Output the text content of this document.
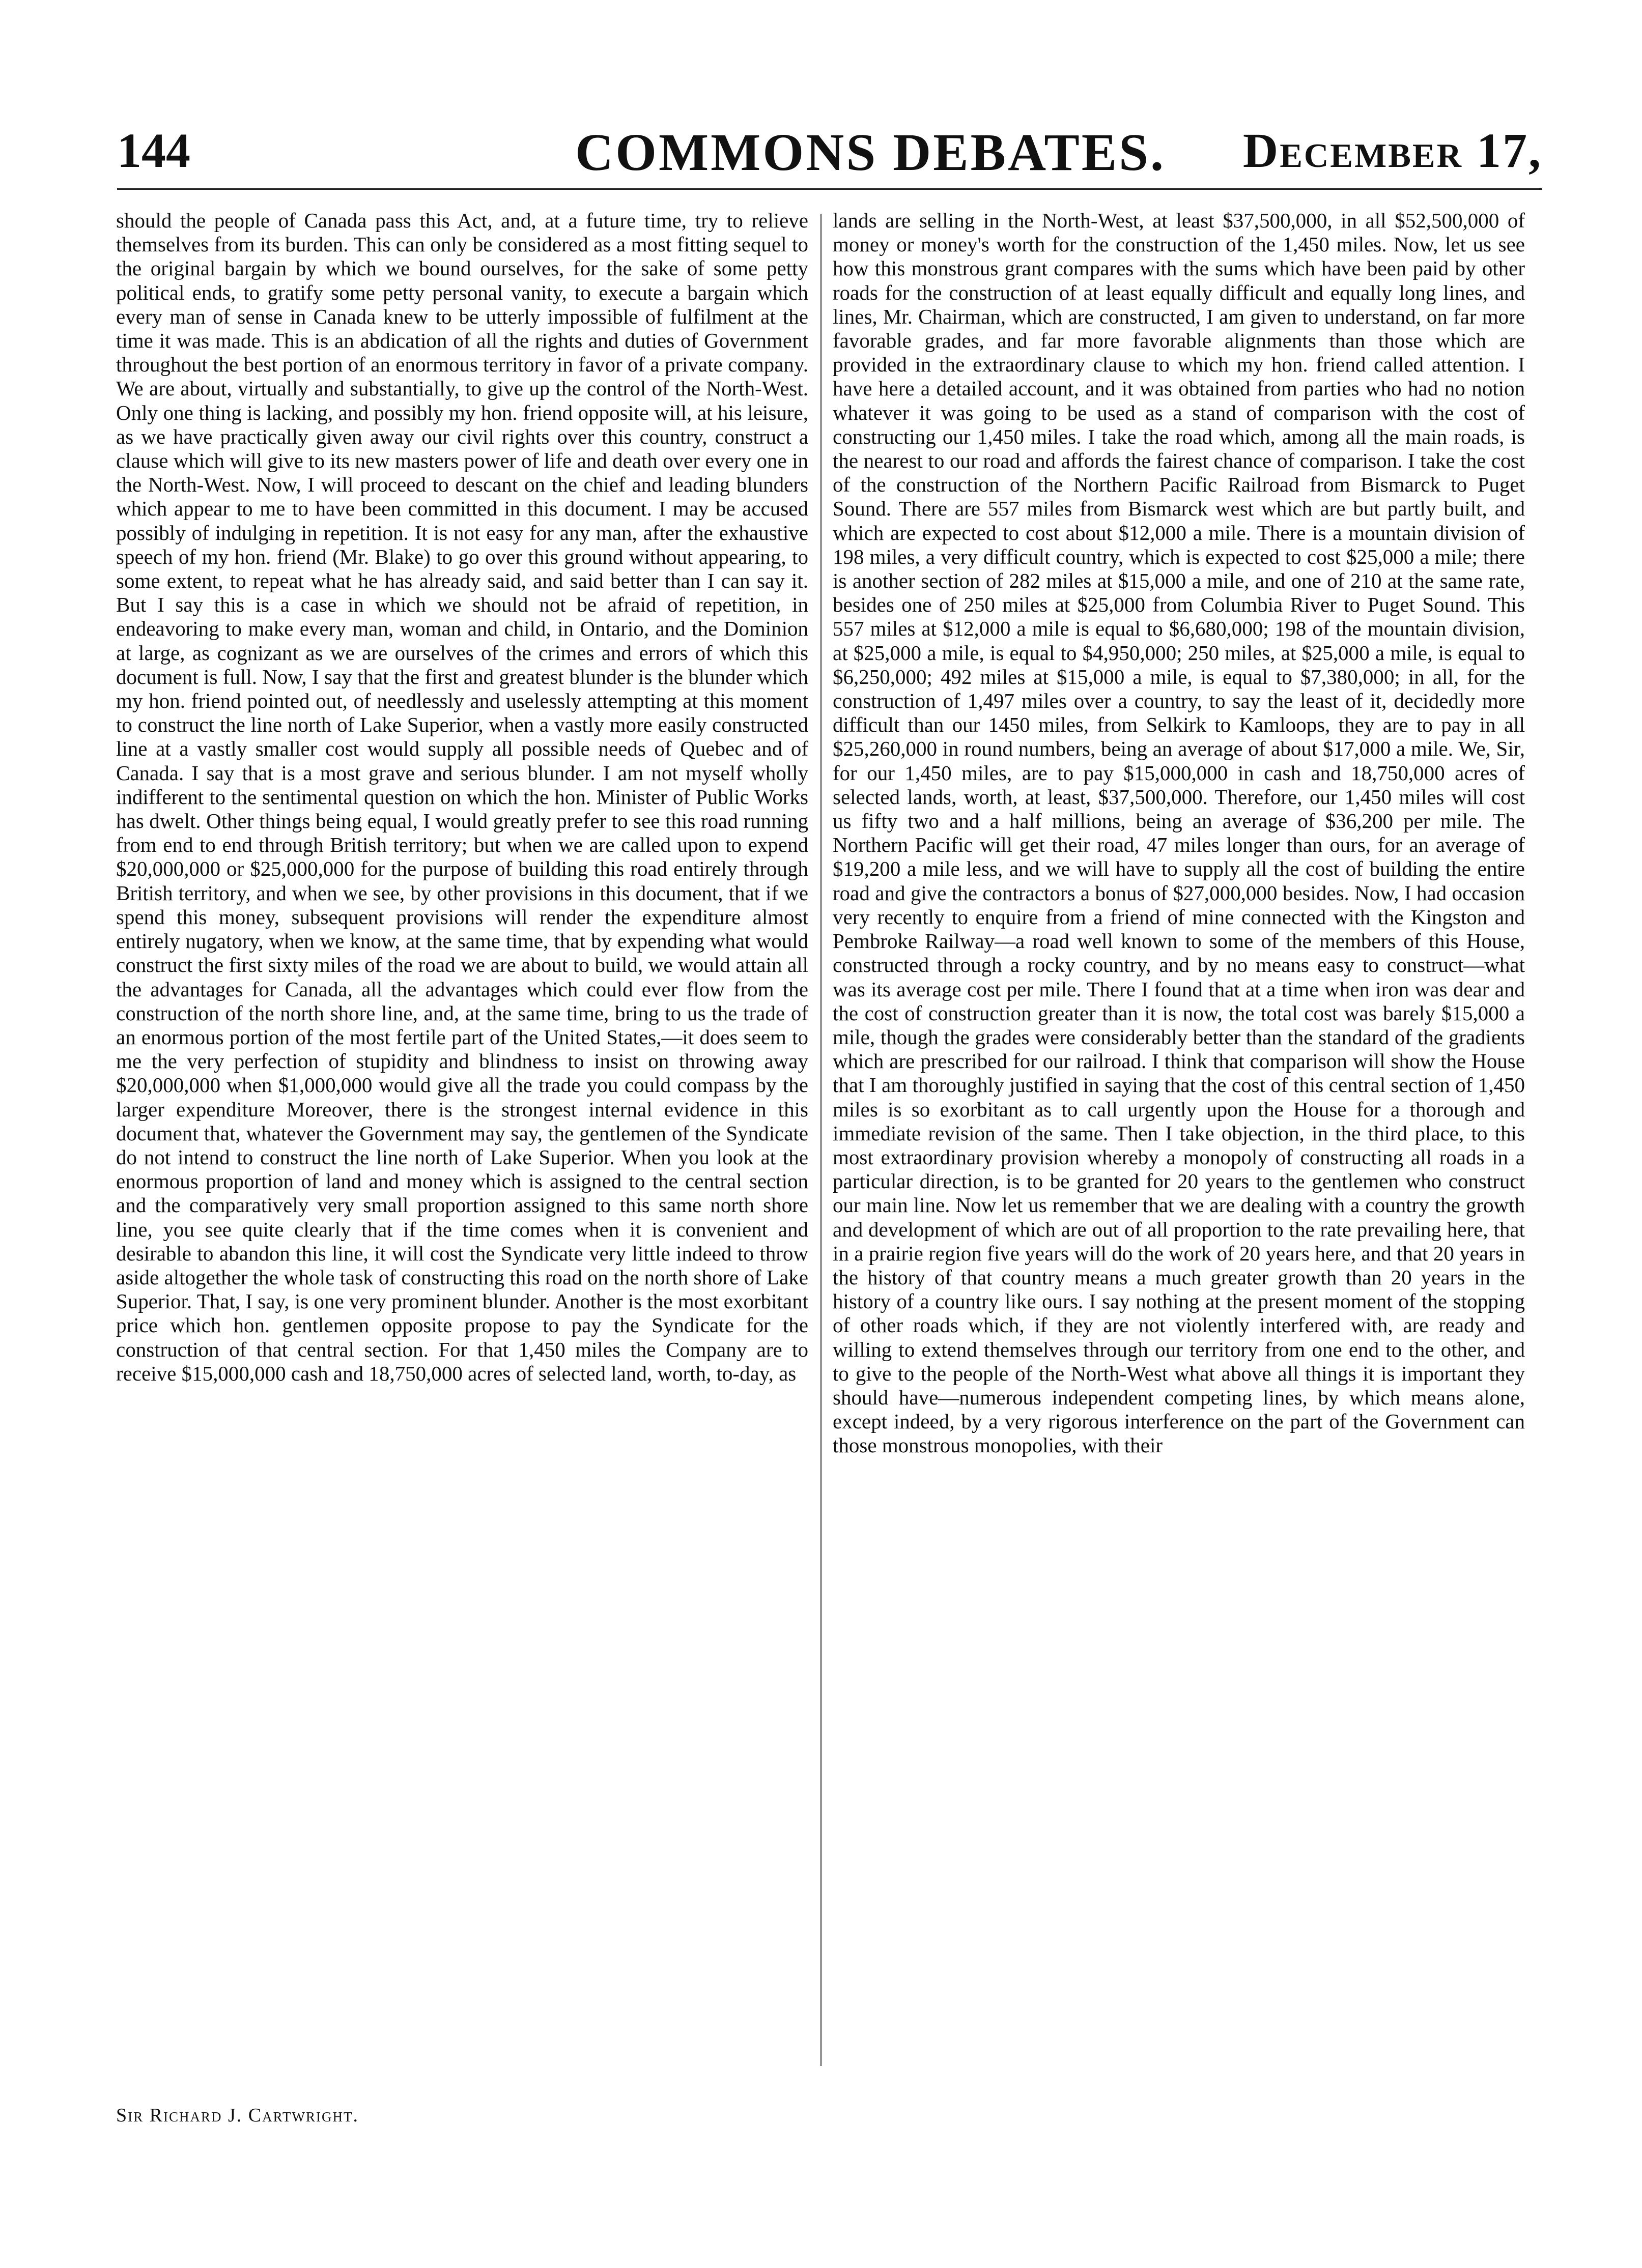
144	COMMONS DEBATES. December 17,

should the people of Canada pass this Act, and, at a future time, try to relieve themselves from its burden. This can only be considered as a most fitting sequel to the original bargain by which we bound ourselves, for the sake of some petty political ends, to gratify some petty personal vanity, to execute a bargain which every man of sense in Canada knew to be utterly impossible of fulfilment at the time it was made. This is an abdication of all the rights and duties of Government throughout the best portion of an enormous territory in favor of a private company. We are about, virtually and substantially, to give up the control of the North-West. Only one thing is lacking, and possibly my hon. friend opposite will, at his leisure, as we have practically given away our civil rights over this country, construct a clause which will give to its new masters power of life and death over every one in the North-West. Now, I will proceed to descant on the chief and leading blunders which appear to me to have been committed in this document. I may be accused possibly of indulging in repetition. It is not easy for any man, after the exhaustive speech of my hon. friend (Mr. Blake) to go over this ground without appearing, to some extent, to repeat what he has already said, and said better than I can say it. But I say this is a case in which we should not be afraid of repetition, in endeavoring to make every man, woman and child, in Ontario, and the Dominion at large, as cognizant as we are ourselves of the crimes and errors of which this document is full. Now, I say that the first and greatest blunder is the blunder which my hon. friend pointed out, of needlessly and uselessly attempting at this moment to construct the line north of Lake Superior, when a vastly more easily constructed line at a vastly smaller cost would supply all possible needs of Quebec and of Canada. I say that is a most grave and serious blunder. I am not myself wholly indifferent to the sentimental question on which the hon. Minister of Public Works has dwelt. Other things being equal, I would greatly prefer to see this road running from end to end through British territory; but when we are called upon to expend $20,000,000 or $25,000,000 for the purpose of building this road entirely through British territory, and when we see, by other provisions in this document, that if we spend this money, subsequent provisions will render the expenditure almost entirely nugatory, when we know, at the same time, that by expending what would construct the first sixty miles of the road we are about to build, we would attain all the advantages for Canada, all the advantages which could ever flow from the construction of the north shore line, and, at the same time, bring to us the trade of an enormous portion of the most fertile part of the United States,—it does seem to me the very perfection of stupidity and blindness to insist on throwing away $20,000,000 when $1,000,000 would give all the trade you could compass by the larger expenditure Moreover, there is the strongest internal evidence in this document that, whatever the Government may say, the gentlemen of the Syndicate do not intend to construct the line north of Lake Superior. When you look at the enormous proportion of land and money which is assigned to the central section and the comparatively very small proportion assigned to this same north shore line, you see quite clearly that if the time comes when it is convenient and desirable to abandon this line, it will cost the Syndicate very little indeed to throw aside altogether the whole task of constructing this road on the north shore of Lake Superior. That, I say, is one very prominent blunder. Another is the most exorbitant price which hon. gentlemen opposite propose to pay the Syndicate for the construction of that central section. For that 1,450 miles the Company are to receive $15,000,000 cash and 18,750,000 acres of selected land, worth, to-day, as

lands are selling in the North-West, at least $37,500,000, in all $52,500,000 of money or money's worth for the construction of the 1,450 miles. Now, let us see how this monstrous grant compares with the sums which have been paid by other roads for the construction of at least equally difficult and equally long lines, and lines, Mr. Chairman, which are constructed, I am given to understand, on far more favorable grades, and far more favorable alignments than those which are provided in the extraordinary clause to which my hon. friend called attention. I have here a detailed account, and it was obtained from parties who had no notion whatever it was going to be used as a stand of comparison with the cost of constructing our 1,450 miles. I take the road which, among all the main roads, is the nearest to our road and affords the fairest chance of comparison. I take the cost of the construction of the Northern Pacific Railroad from Bismarck to Puget Sound. There are 557 miles from Bismarck west which are but partly built, and which are expected to cost about $12,000 a mile. There is a mountain division of 198 miles, a very difficult country, which is expected to cost $25,000 a mile; there is another section of 282 miles at $15,000 a mile, and one of 210 at the same rate, besides one of 250 miles at $25,000 from Columbia River to Puget Sound. This 557 miles at $12,000 a mile is equal to $6,680,000; 198 of the mountain division, at $25,000 a mile, is equal to $4,950,000; 250 miles, at $25,000 a mile, is equal to $6,250,000; 492 miles at $15,000 a mile, is equal to $7,380,000; in all, for the construction of 1,497 miles over a country, to say the least of it, decidedly more difficult than our 1450 miles, from Selkirk to Kamloops, they are to pay in all $25,260,000 in round numbers, being an average of about $17,000 a mile. We, Sir, for our 1,450 miles, are to pay $15,000,000 in cash and 18,750,000 acres of selected lands, worth, at least, $37,500,000. Therefore, our 1,450 miles will cost us fifty two and a half millions, being an average of $36,200 per mile. The Northern Pacific will get their road, 47 miles longer than ours, for an average of $19,200 a mile less, and we will have to supply all the cost of building the entire road and give the contractors a bonus of $27,000,000 besides. Now, I had occasion very recently to enquire from a friend of mine connected with the Kingston and Pembroke Railway—a road well known to some of the members of this House, constructed through a rocky country, and by no means easy to construct—what was its average cost per mile. There I found that at a time when iron was dear and the cost of construction greater than it is now, the total cost was barely $15,000 a mile, though the grades were considerably better than the standard of the gradients which are prescribed for our railroad. I think that comparison will show the House that I am thoroughly justified in saying that the cost of this central section of 1,450 miles is so exorbitant as to call urgently upon the House for a thorough and immediate revision of the same. Then I take objection, in the third place, to this most extraordinary provision whereby a monopoly of constructing all roads in a particular direction, is to be granted for 20 years to the gentlemen who construct our main line. Now let us remember that we are dealing with a country the growth and development of which are out of all proportion to the rate prevailing here, that in a prairie region five years will do the work of 20 years here, and that 20 years in the history of that country means a much greater growth than 20 years in the history of a country like ours. I say nothing at the present moment of the stopping of other roads which, if they are not violently interfered with, are ready and willing to extend themselves through our territory from one end to the other, and to give to the people of the North-West what above all things it is important they should have—numerous independent competing lines, by which means alone, except indeed, by a very rigorous interference on the part of the Government can those monstrous monopolies, with their

Sir Richard J. Cartwright.
